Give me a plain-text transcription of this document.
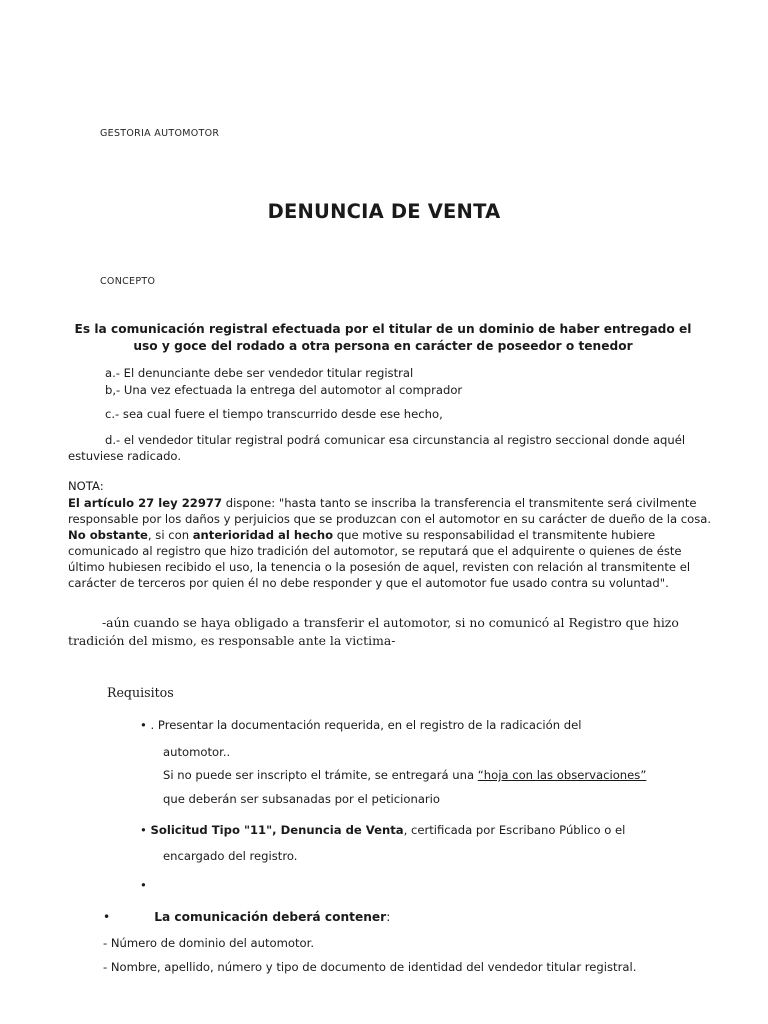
GESTORIA AUTOMOTOR
DENUNCIA DE VENTA
CONCEPTO
Es la comunicación registral efectuada por el titular de un dominio de haber entregado el uso y goce del rodado a otra persona en carácter de poseedor o tenedor
a.- El denunciante debe ser vendedor titular registral
b,- Una vez efectuada la entrega del automotor al comprador
c.- sea cual fuere el tiempo transcurrido desde ese hecho,
d.- el vendedor titular registral podrá comunicar esa circunstancia al registro seccional donde aquél estuviese radicado.
NOTA:
El artículo 27 ley 22977 dispone: "hasta tanto se inscriba la transferencia el transmitente será civilmente responsable por los daños y perjuicios que se produzcan con el automotor en su carácter de dueño de la cosa. No obstante, si con anterioridad al hecho que motive su responsabilidad el transmitente hubiere comunicado al registro que hizo tradición del automotor, se reputará que el adquirente o quienes de éste último hubiesen recibido el uso, la tenencia o la posesión de aquel, revisten con relación al transmitente el carácter de terceros por quien él no debe responder y que el automotor fue usado contra su voluntad".
-aún cuando se haya obligado a transferir el automotor, si no comunicó al Registro que hizo tradición del mismo, es responsable ante la victima-
Requisitos
• . Presentar la documentación requerida, en el registro de la radicación del
automotor..
Si no puede ser inscripto el trámite, se entregará una “hoja con las observaciones”
que deberán ser subsanadas por el peticionario
• Solicitud Tipo "11", Denuncia de Venta, certificada por Escribano Público o el
encargado del registro.
•
•	La comunicación deberá contener:
- Número de dominio del automotor.
- Nombre, apellido, número y tipo de documento de identidad del vendedor titular registral.
